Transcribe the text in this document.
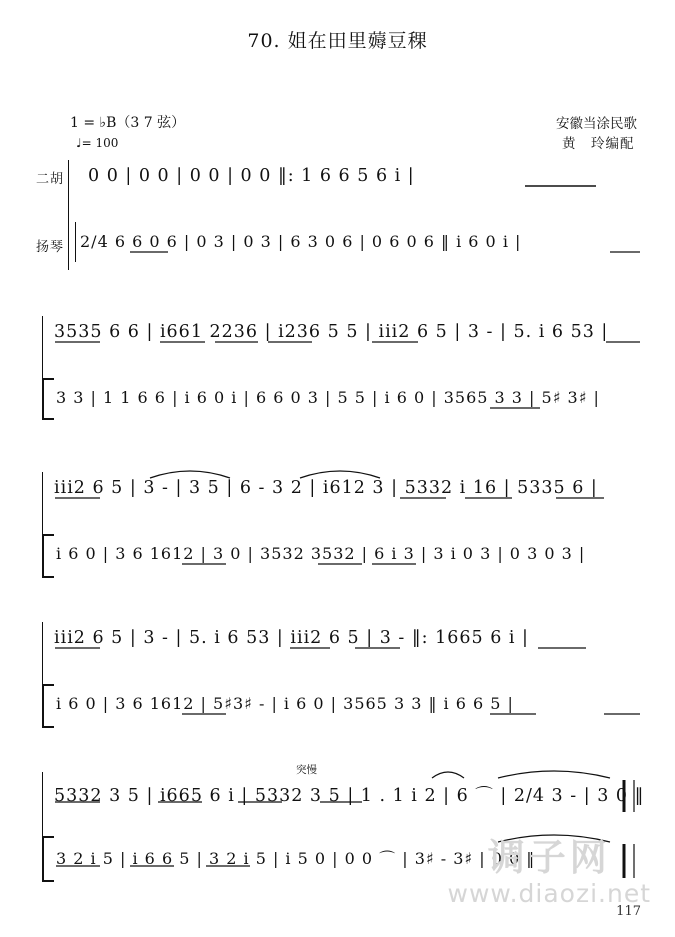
70. 姐在田里薅豆稞
1 = ♭B（3 7 弦）
♩= 100
安徽当涂民歌
黄　玲编配
二胡
扬琴
0 0 | 0 0 | 0 0 | 0 0 ‖: 1 6 6 5 6 i |
2/4 6 6 0 6 | 0 3 | 0 3 | 6 3 0 6 | 0 6 0 6 ‖ i 6 0 i |
3535 6 6 | i661 2236 | i236 5 5 | iii2 6 5 | 3 - | 5. i 6 53 |
3 3 | 1 1 6 6 | i 6 0 i | 6 6 0 3 | 5 5 | i 6 0 | 3565 3 3 | 5♯ 3♯ |
iii2 6 5 | 3 - | 3 5 | 6 - 3 2 | i612 3 | 5332 i 16 | 5335 6 |
i 6 0 | 3 6 1612 | 3 0 | 3532 3532 | 6 i 3 | 3 i 0 3 | 0 3 0 3 |
iii2 6 5 | 3 - | 5. i 6 53 | iii2 6 5 | 3 - ‖: 1665 6 i |
i 6 0 | 3 6 1612 | 5♯3♯ - | i 6 0 | 3565 3 3 ‖ i 6 6 5 |
突慢
5332 3 5 | i665 6 i | 5332 3 5 | 1 . 1 i 2 | 6 ⌒ | 2/4 3 - | 3 0 ‖
3 2 i 5 | i 6 6 5 | 3 2 i 5 | i 5 0 | 0 0 ⌒ | 3♯ - 3♯ | 0 0 ‖
调子网
www.diaozi.net
117
